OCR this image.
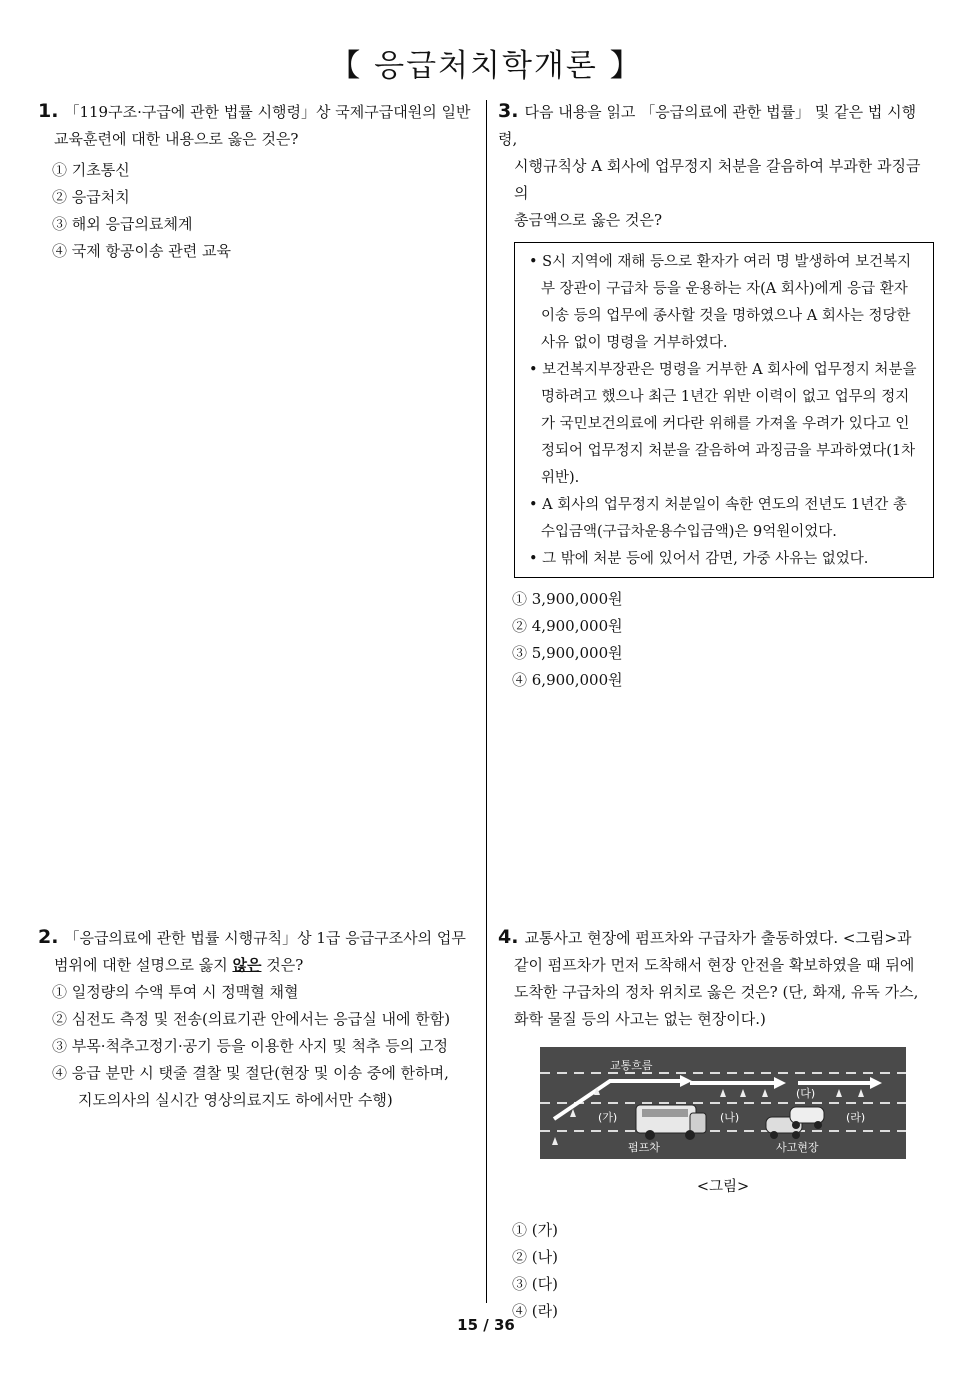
【 응급처치학개론 】
1. 「119구조·구급에 관한 법률 시행령」상 국제구급대원의 일반
교육훈련에 대한 내용으로 옳은 것은?
① 기초통신
② 응급처치
③ 해외 응급의료체계
④ 국제 항공이송 관련 교육
2. 「응급의료에 관한 법률 시행규칙」상 1급 응급구조사의 업무
범위에 대한 설명으로 옳지 않은 것은?
① 일정량의 수액 투여 시 정맥혈 채혈
② 심전도 측정 및 전송(의료기관 안에서는 응급실 내에 한함)
③ 부목·척추고정기·공기 등을 이용한 사지 및 척추 등의 고정
④ 응급 분만 시 탯줄 결찰 및 절단(현장 및 이송 중에 한하며,
지도의사의 실시간 영상의료지도 하에서만 수행)
3. 다음 내용을 읽고 「응급의료에 관한 법률」 및 같은 법 시행령,
시행규칙상 A 회사에 업무정지 처분을 갈음하여 부과한 과징금의
총금액으로 옳은 것은?
• S시 지역에 재해 등으로 환자가 여러 명 발생하여 보건복지부 장관이 구급차 등을 운용하는 자(A 회사)에게 응급 환자 이송 등의 업무에 종사할 것을 명하였으나 A 회사는 정당한 사유 없이 명령을 거부하였다.
• 보건복지부장관은 명령을 거부한 A 회사에 업무정지 처분을 명하려고 했으나 최근 1년간 위반 이력이 없고 업무의 정지가 국민보건의료에 커다란 위해를 가져올 우려가 있다고 인정되어 업무정지 처분을 갈음하여 과징금을 부과하였다(1차 위반).
• A 회사의 업무정지 처분일이 속한 연도의 전년도 1년간 총 수입금액(구급차운용수입금액)은 9억원이었다.
• 그 밖에 처분 등에 있어서 감면, 가중 사유는 없었다.
① 3,900,000원
② 4,900,000원
③ 5,900,000원
④ 6,900,000원
4. 교통사고 현장에 펌프차와 구급차가 출동하였다. <그림>과
같이 펌프차가 먼저 도착해서 현장 안전을 확보하였을 때 뒤에
도착한 구급차의 정차 위치로 옳은 것은? (단, 화재, 유독 가스,
화학 물질 등의 사고는 없는 현장이다.)
교통흐름
(가)	(나)
(다)
(라)
펌프차	사고현장
<그림>
① (가)
② (나)
③ (다)
④ (라)
15 / 36
